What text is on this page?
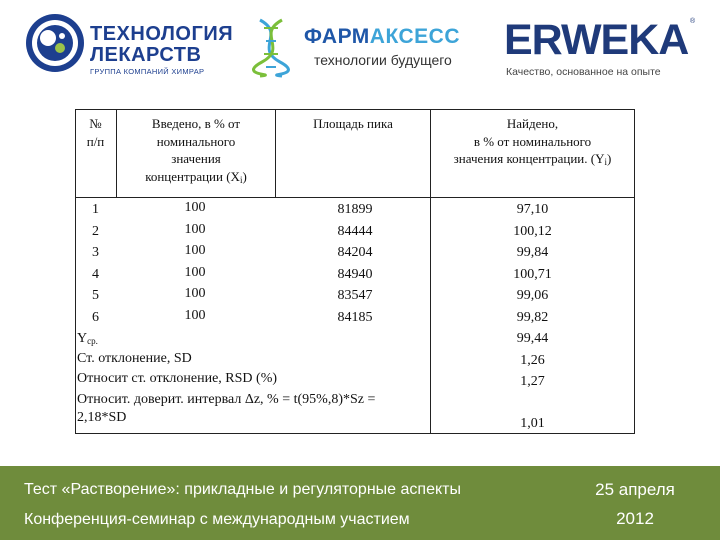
ТЕХНОЛОГИЯ
ЛЕКАРСТВ
ГРУППА КОМПАНИЙ ХИМРАР
ФАРМАКСЕСС
технологии будущего ERWEKA ®
Качество, основанное на опыте
№
п/п
Введено, в % от
номинального
значения
концентрации $(X_i)$
Площадь пика	Найдено,
в % от номинального
значения концентрации. $(Y_i)$
1
2
3
4
5
6
100
100
100
100
100
100
81899
84444
84204
84940
83547
84185
97,10
100,12
99,84
100,71
99,06
99,82
99,44
1,26
1,27
1,01
$Y_{ср.}$
Ст. отклонение, SD
Относит ст. отклонение, RSD (%)
Относит. доверит. интервал Δz, % = t(95%,8)*Sz =
2,18*SD
Тест «Растворение»: прикладные и регуляторные аспекты
Конференция-семинар с международным участием
25 апреля
2012
